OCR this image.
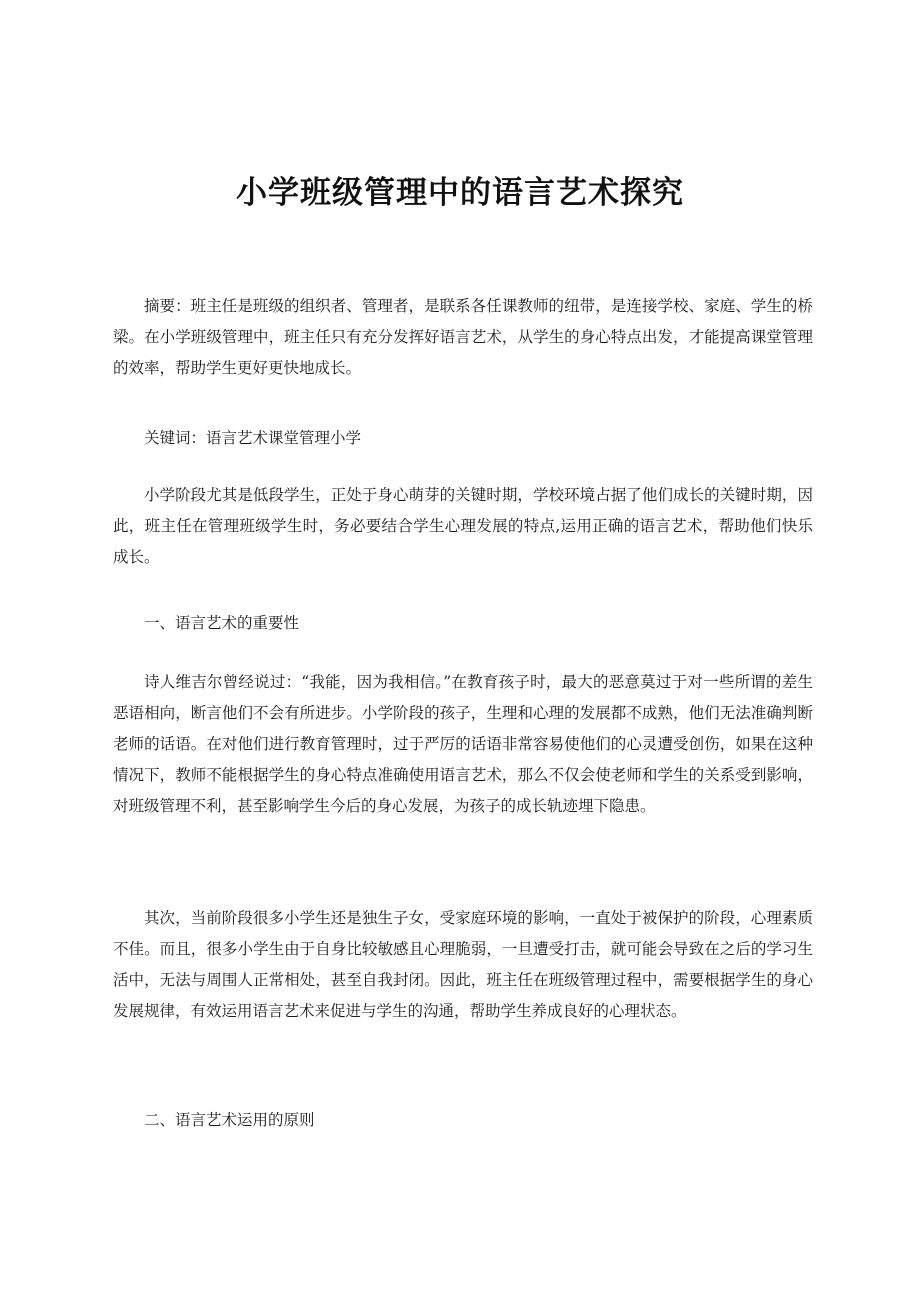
小学班级管理中的语言艺术探究

摘要：班主任是班级的组织者、管理者，是联系各任课教师的纽带，是连接学校、家庭、学生的桥梁。在小学班级管理中，班主任只有充分发挥好语言艺术，从学生的身心特点出发，才能提高课堂管理的效率，帮助学生更好更快地成长。

关键词：语言艺术课堂管理小学

小学阶段尤其是低段学生，正处于身心萌芽的关键时期，学校环境占据了他们成长的关键时期，因此，班主任在管理班级学生时，务必要结合学生心理发展的特点,运用正确的语言艺术，帮助他们快乐成长。

一、语言艺术的重要性

诗人维吉尔曾经说过：“我能，因为我相信。”在教育孩子时，最大的恶意莫过于对一些所谓的差生恶语相向，断言他们不会有所进步。小学阶段的孩子，生理和心理的发展都不成熟，他们无法准确判断老师的话语。在对他们进行教育管理时，过于严厉的话语非常容易使他们的心灵遭受创伤，如果在这种情况下，教师不能根据学生的身心特点准确使用语言艺术，那么不仅会使老师和学生的关系受到影响，对班级管理不利，甚至影响学生今后的身心发展，为孩子的成长轨迹埋下隐患。

其次，当前阶段很多小学生还是独生子女，受家庭环境的影响，一直处于被保护的阶段，心理素质不佳。而且，很多小学生由于自身比较敏感且心理脆弱，一旦遭受打击，就可能会导致在之后的学习生活中，无法与周围人正常相处，甚至自我封闭。因此，班主任在班级管理过程中，需要根据学生的身心发展规律，有效运用语言艺术来促进与学生的沟通，帮助学生养成良好的心理状态。

二、语言艺术运用的原则
